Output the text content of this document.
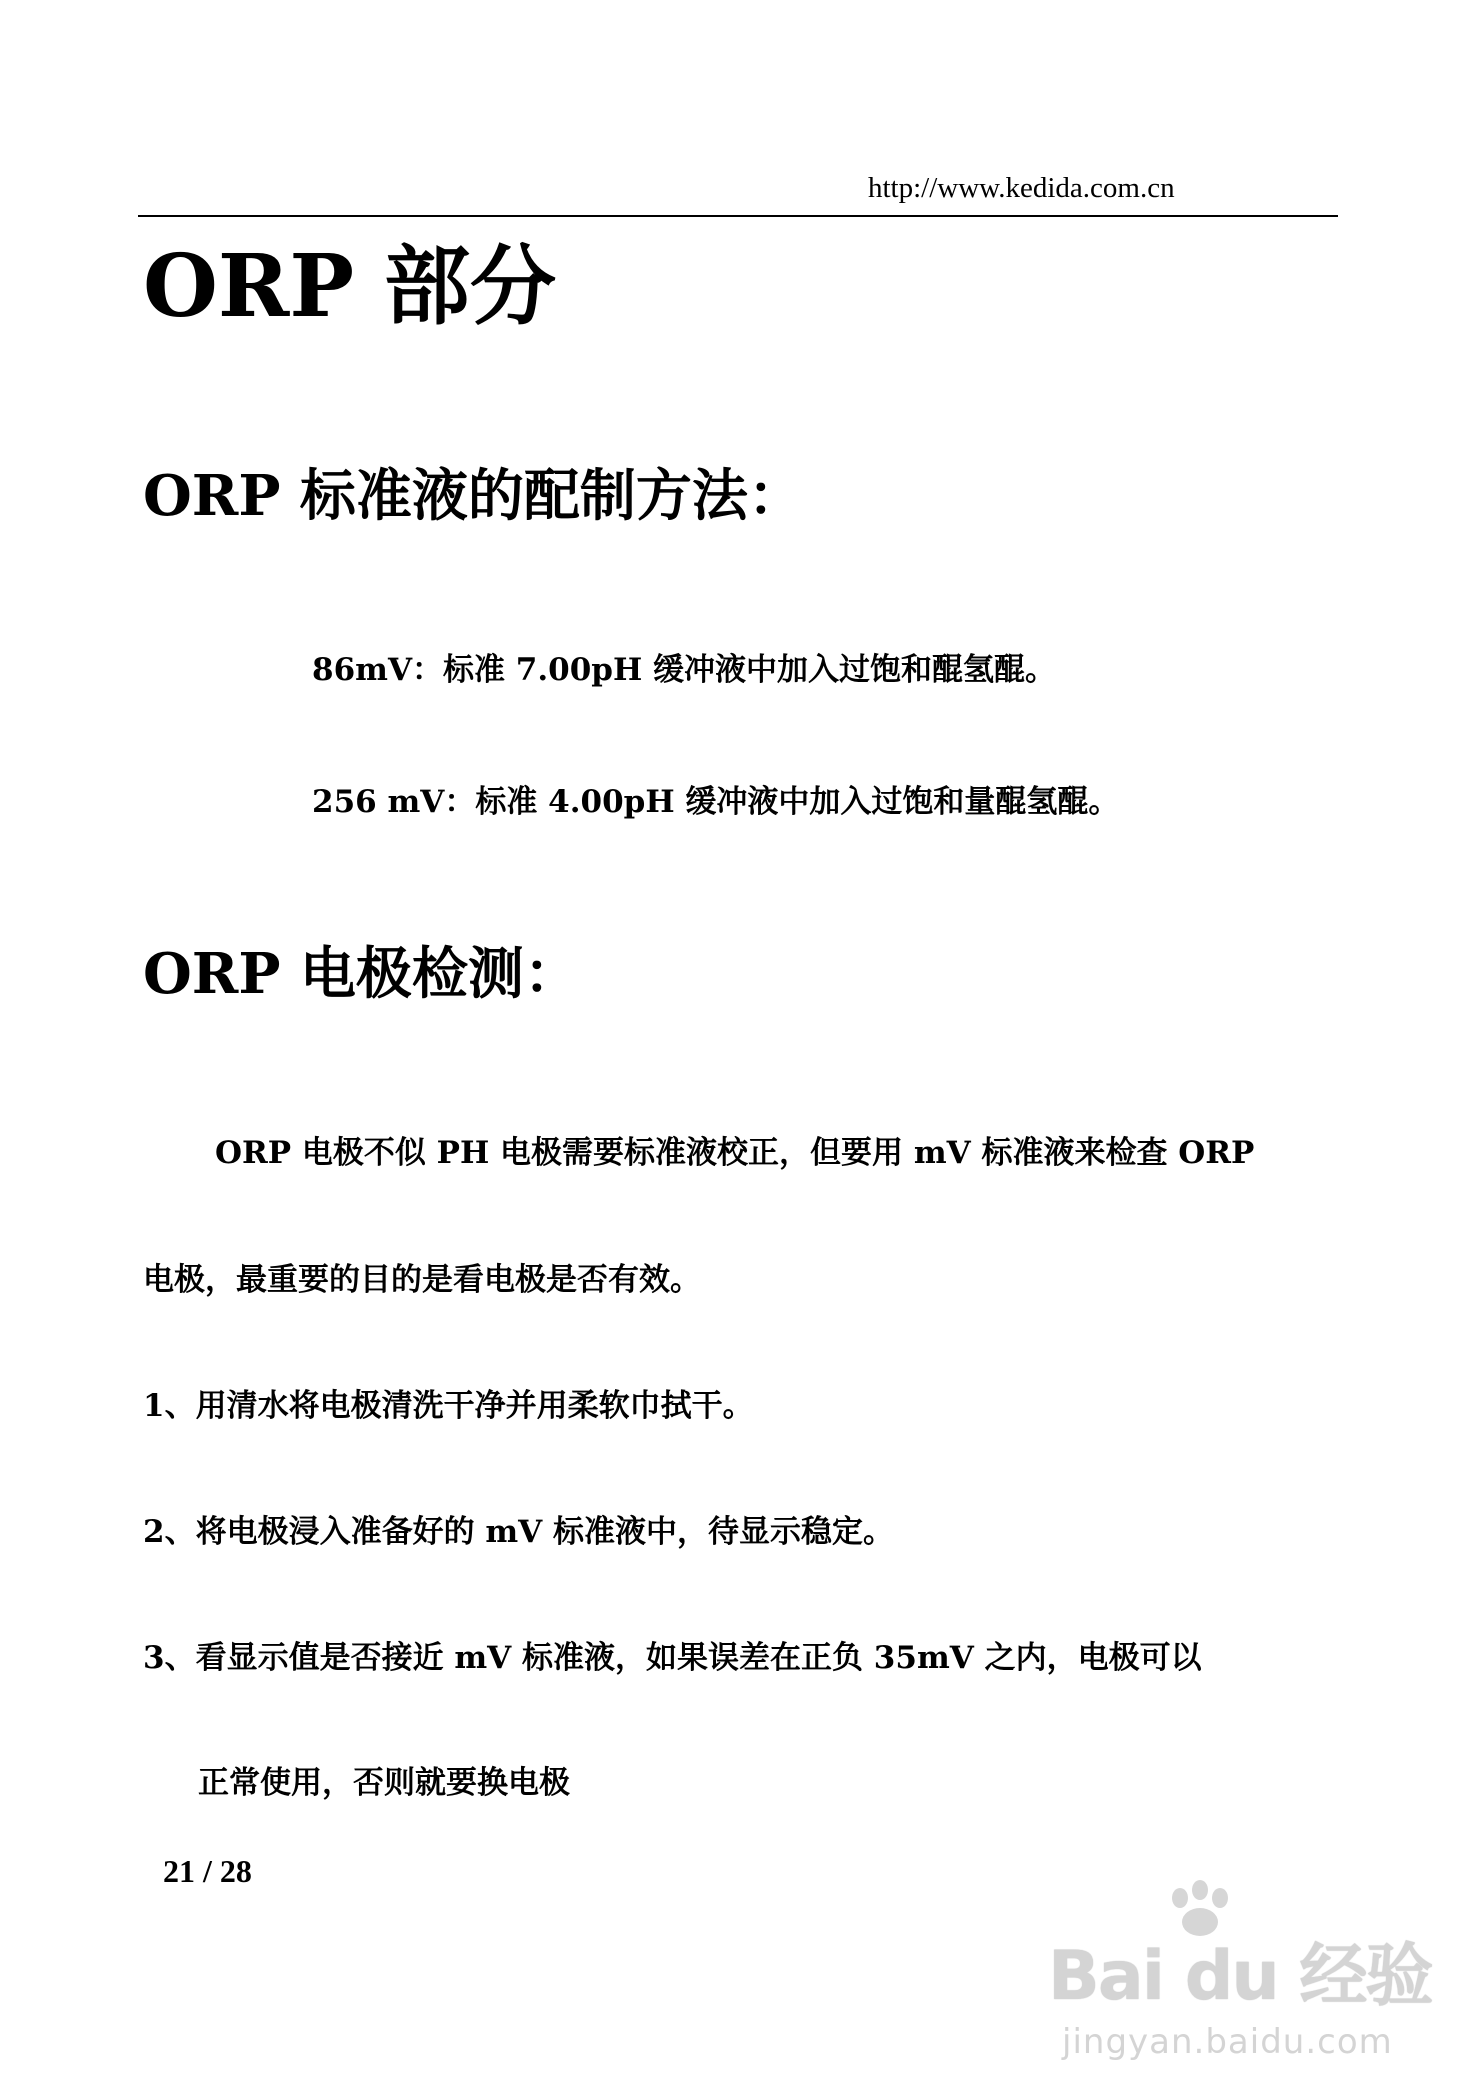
http://www.kedida.com.cn
ORP 部分
ORP 标准液的配制方法：
86mV：标准 7.00pH 缓冲液中加入过饱和醌氢醌。
256 mV：标准 4.00pH 缓冲液中加入过饱和量醌氢醌。
ORP 电极检测：
ORP 电极不似 PH 电极需要标准液校正，但要用 mV 标准液来检查 ORP
电极，最重要的目的是看电极是否有效。
1、用清水将电极清洗干净并用柔软巾拭干。
2、将电极浸入准备好的 mV 标准液中，待显示稳定。
3、看显示值是否接近 mV 标准液，如果误差在正负 35mV 之内，电极可以
正常使用，否则就要换电极
21 / 28
Bai du 经验
jingyan.baidu.com
